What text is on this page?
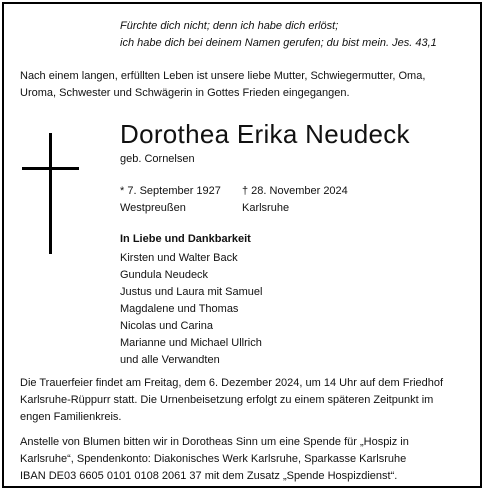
Fürchte dich nicht; denn ich habe dich erlöst;
ich habe dich bei deinem Namen gerufen; du bist mein. Jes. 43,1
Nach einem langen, erfüllten Leben ist unsere liebe Mutter, Schwiegermutter, Oma,
Uroma, Schwester und Schwägerin in Gottes Frieden eingegangen.
Dorothea Erika Neudeck
geb. Cornelsen
* 7. September 1927
Westpreußen
† 28. November 2024
Karlsruhe
In Liebe und Dankbarkeit
Kirsten und Walter Back
Gundula Neudeck
Justus und Laura mit Samuel
Magdalene und Thomas
Nicolas und Carina
Marianne und Michael Ullrich
und alle Verwandten
Die Trauerfeier findet am Freitag, dem 6. Dezember 2024, um 14 Uhr auf dem Friedhof
Karlsruhe-Rüppurr statt. Die Urnenbeisetzung erfolgt zu einem späteren Zeitpunkt im
engen Familienkreis.
Anstelle von Blumen bitten wir in Dorotheas Sinn um eine Spende für „Hospiz in
Karlsruhe“, Spendenkonto: Diakonisches Werk Karlsruhe, Sparkasse Karlsruhe
IBAN DE03 6605 0101 0108 2061 37 mit dem Zusatz „Spende Hospizdienst“.
